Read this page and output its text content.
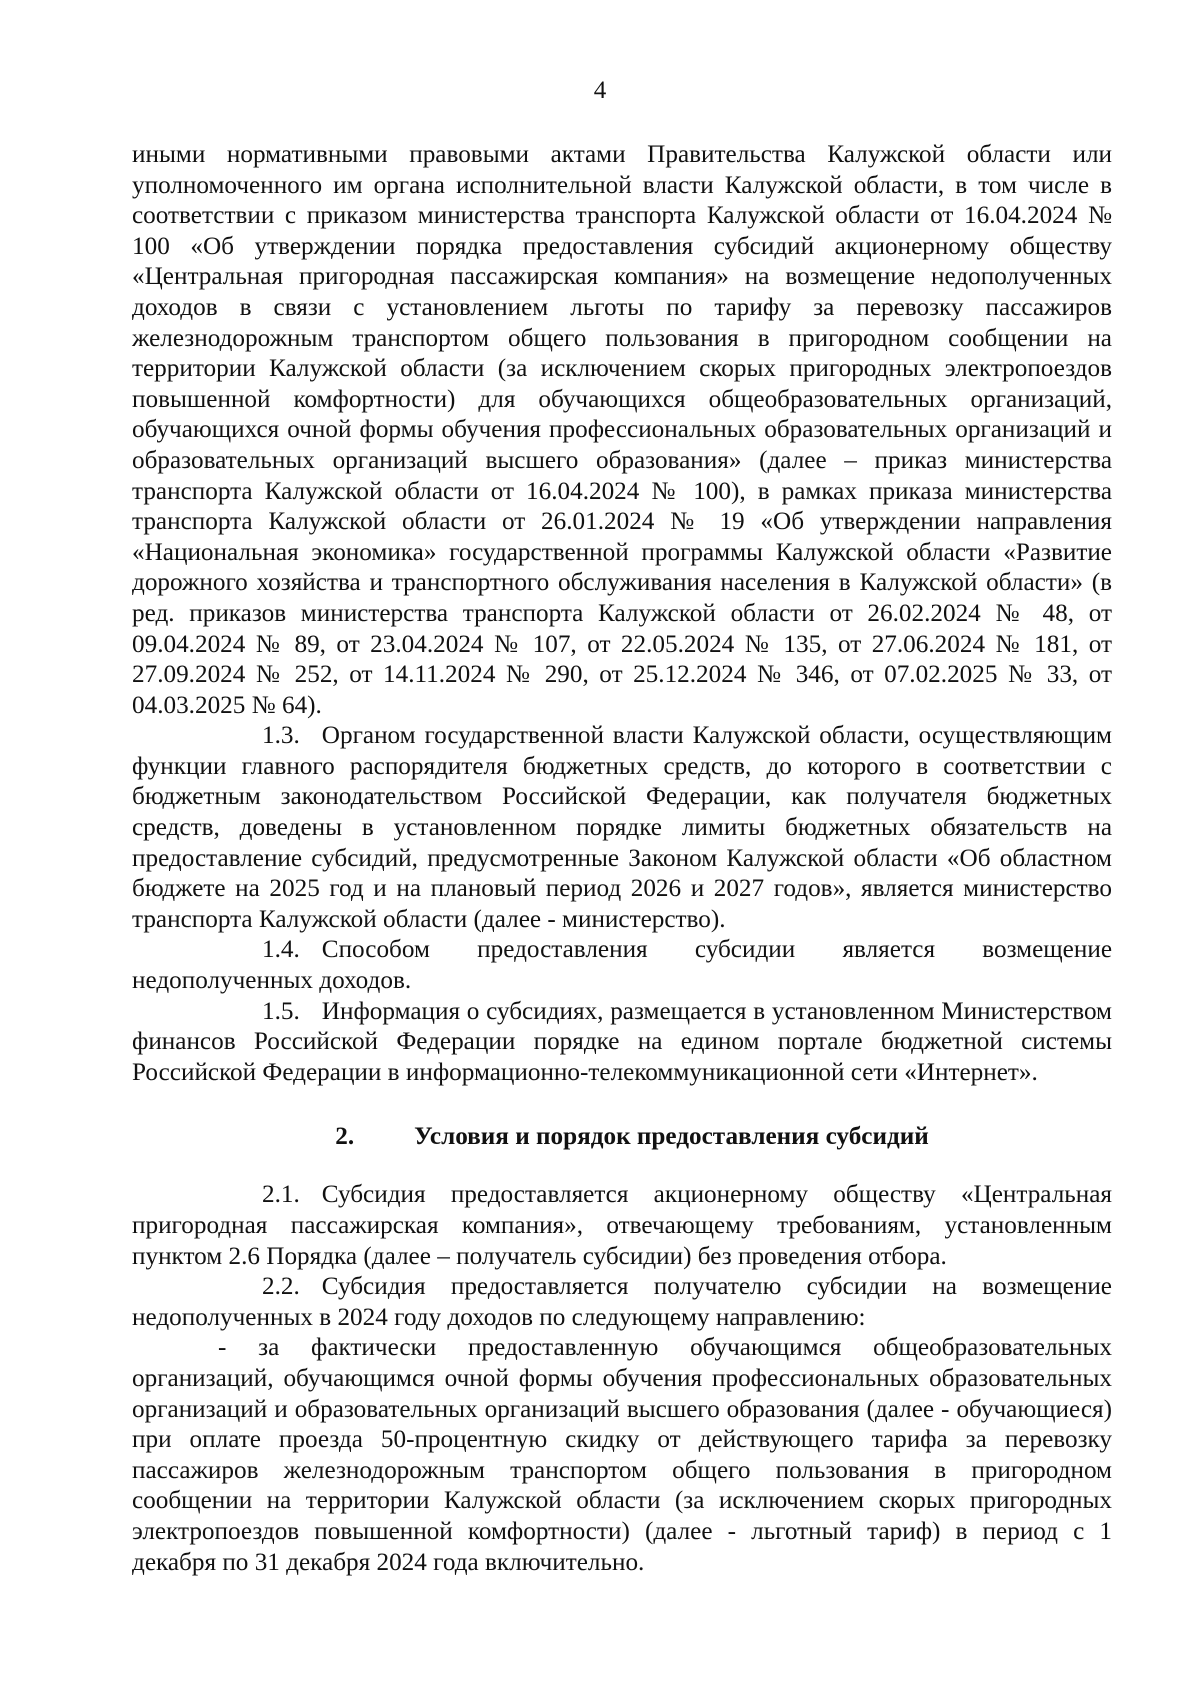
4

иными нормативными правовыми актами Правительства Калужской области или уполномоченного им органа исполнительной власти Калужской области, в том числе в соответствии с приказом министерства транспорта Калужской области от 16.04.2024 № 100 «Об утверждении порядка предоставления субсидий акционерному обществу «Центральная пригородная пассажирская компания» на возмещение недополученных доходов в связи с установлением льготы по тарифу за перевозку пассажиров железнодорожным транспортом общего пользования в пригородном сообщении на территории Калужской области (за исключением скорых пригородных электропоездов повышенной комфортности) для обучающихся общеобразовательных организаций, обучающихся очной формы обучения профессиональных образовательных организаций и образовательных организаций высшего образования» (далее – приказ министерства транспорта Калужской области от 16.04.2024 № 100), в рамках приказа министерства транспорта Калужской области от 26.01.2024 № 19 «Об утверждении направления «Национальная экономика» государственной программы Калужской области «Развитие дорожного хозяйства и транспортного обслуживания населения в Калужской области» (в ред. приказов министерства транспорта Калужской области от 26.02.2024 № 48, от 09.04.2024 № 89, от 23.04.2024 № 107, от 22.05.2024 № 135, от 27.06.2024 № 181, от 27.09.2024 № 252, от 14.11.2024 № 290, от 25.12.2024 № 346, от 07.02.2025 № 33, от 04.03.2025 № 64).

1.3. Органом государственной власти Калужской области, осуществляющим функции главного распорядителя бюджетных средств, до которого в соответствии с бюджетным законодательством Российской Федерации, как получателя бюджетных средств, доведены в установленном порядке лимиты бюджетных обязательств на предоставление субсидий, предусмотренные Законом Калужской области «Об областном бюджете на 2025 год и на плановый период 2026 и 2027 годов», является министерство транспорта Калужской области (далее - министерство).

1.4. Способом предоставления субсидии является возмещение недополученных доходов.

1.5. Информация о субсидиях, размещается в установленном Министерством финансов Российской Федерации порядке на едином портале бюджетной системы Российской Федерации в информационно-телекоммуникационной сети «Интернет».

2. Условия и порядок предоставления субсидий

2.1. Субсидия предоставляется акционерному обществу «Центральная пригородная пассажирская компания», отвечающему требованиям, установленным пунктом 2.6 Порядка (далее – получатель субсидии) без проведения отбора.

2.2. Субсидия предоставляется получателю субсидии на возмещение недополученных в 2024 году доходов по следующему направлению:

- за фактически предоставленную обучающимся общеобразовательных организаций, обучающимся очной формы обучения профессиональных образовательных организаций и образовательных организаций высшего образования (далее - обучающиеся) при оплате проезда 50-процентную скидку от действующего тарифа за перевозку пассажиров железнодорожным транспортом общего пользования в пригородном сообщении на территории Калужской области (за исключением скорых пригородных электропоездов повышенной комфортности) (далее - льготный тариф) в период с 1 декабря по 31 декабря 2024 года включительно.
